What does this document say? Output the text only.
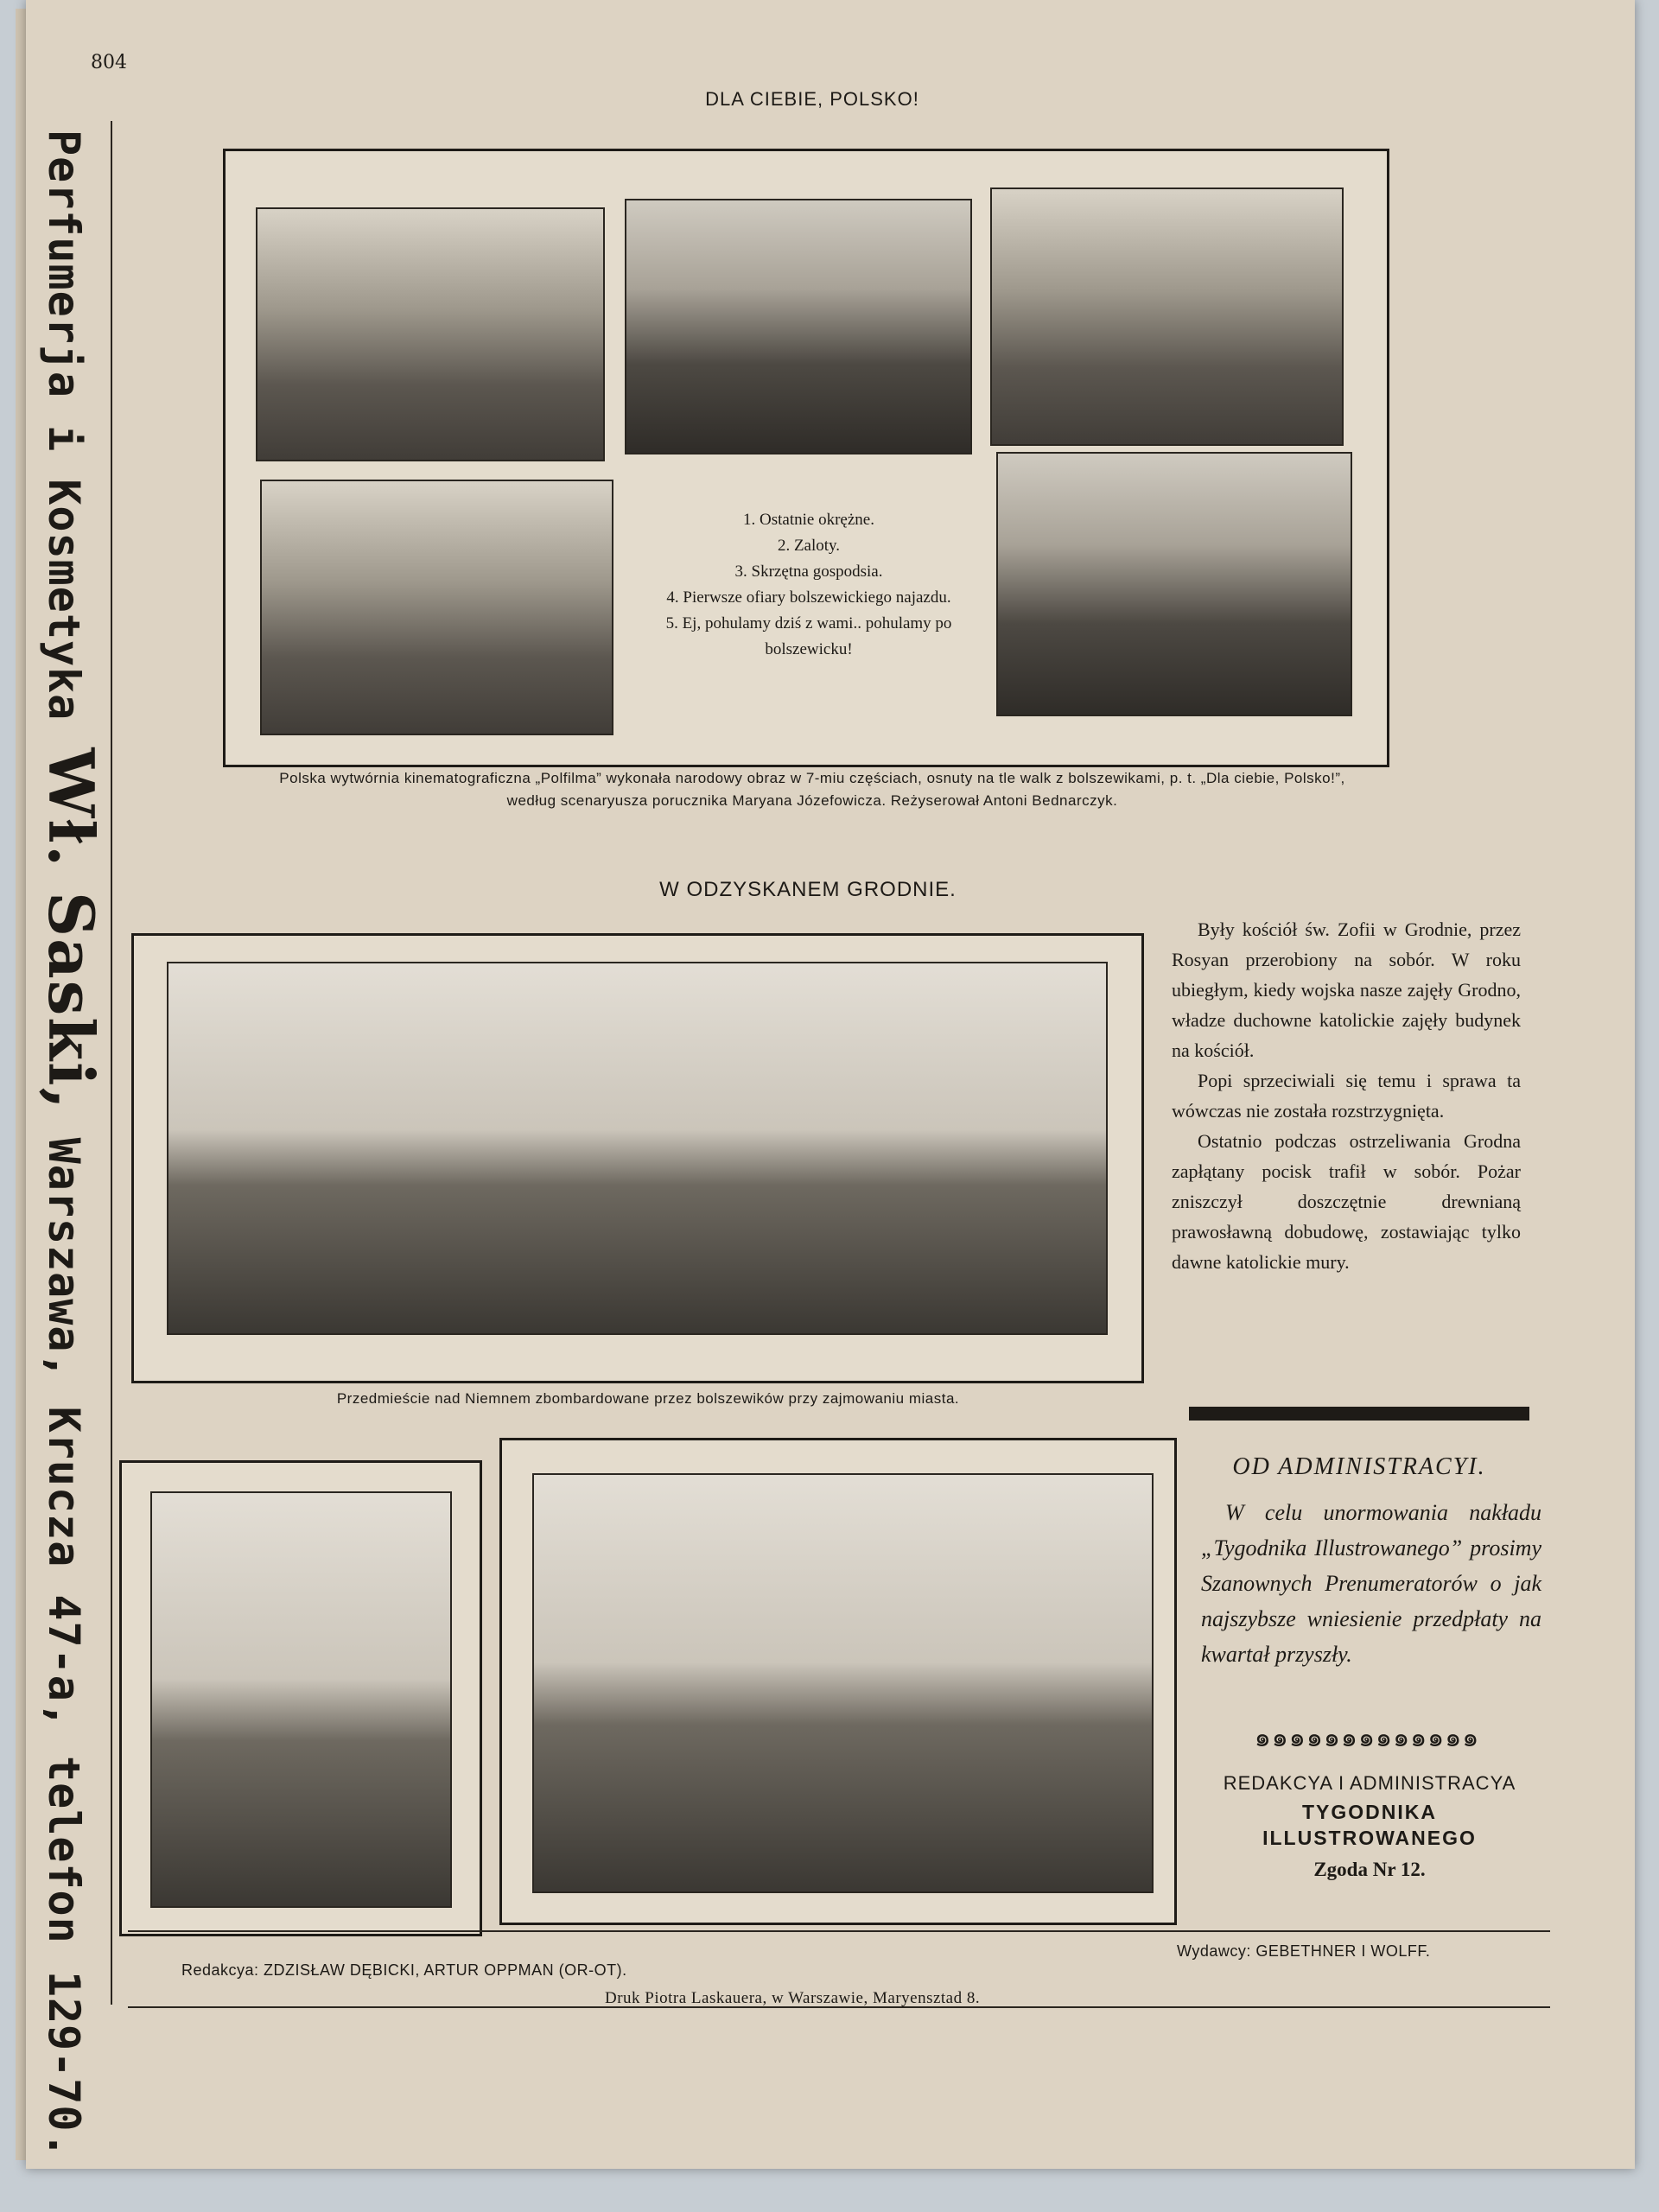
804
Perfumerja i Kosmetyka Wł. Saski, Warszawa, Krucza 47-a, telefon 129-70.
DLA CIEBIE, POLSKO!
1. Ostatnie okrężne.
2. Zaloty.
3. Skrzętna gospodsia.
4. Pierwsze ofiary bolszewickiego najazdu.
5. Ej, pohulamy dziś z wami.. pohulamy po bolszewicku!
Polska wytwórnia kinematograficzna „Polfilma” wykonała narodowy obraz w 7-miu częściach, osnuty na tle walk z bolszewikami, p. t. „Dla ciebie, Polsko!”,
według scenaryusza porucznika Maryana Józefowicza. Reżyserował Antoni Bednarczyk.
W ODZYSKANEM GRODNIE.
Przedmieście nad Niemnem zbombardowane przez bolszewików przy zajmowaniu miasta.

Były kościół św. Zofii w Grodnie, przez Rosyan przerobiony na sobór. W roku ubiegłym, kiedy wojska nasze zajęły Grodno, władze duchowne katolickie zajęły budynek na kościół.

Popi sprzeciwiali się temu i sprawa ta wówczas nie została rozstrzygnięta.

Ostatnio podczas ostrzeliwania Grodna zapłątany pocisk trafił w sobór. Pożar zniszczył doszczętnie drewnianą prawosławną dobudowę, zostawiając tylko dawne katolickie mury.

OD ADMINISTRACYI.

W celu unormowania nakładu „Tygodnika Illustrowanego” prosimy Szanownych Prenumeratorów o jak najszybsze wniesienie przedpłaty na kwartał przyszły.

๑๑๑๑๑๑๑๑๑๑๑๑๑
REDAKCYA I ADMINISTRACYA
TYGODNIKA
ILLUSTROWANEGO
Zgoda Nr 12.
Redakcya: ZDZISŁAW DĘBICKI, ARTUR OPPMAN (OR-OT).
Wydawcy: GEBETHNER I WOLFF.
Druk Piotra Laskauera, w Warszawie, Maryensztad 8.
